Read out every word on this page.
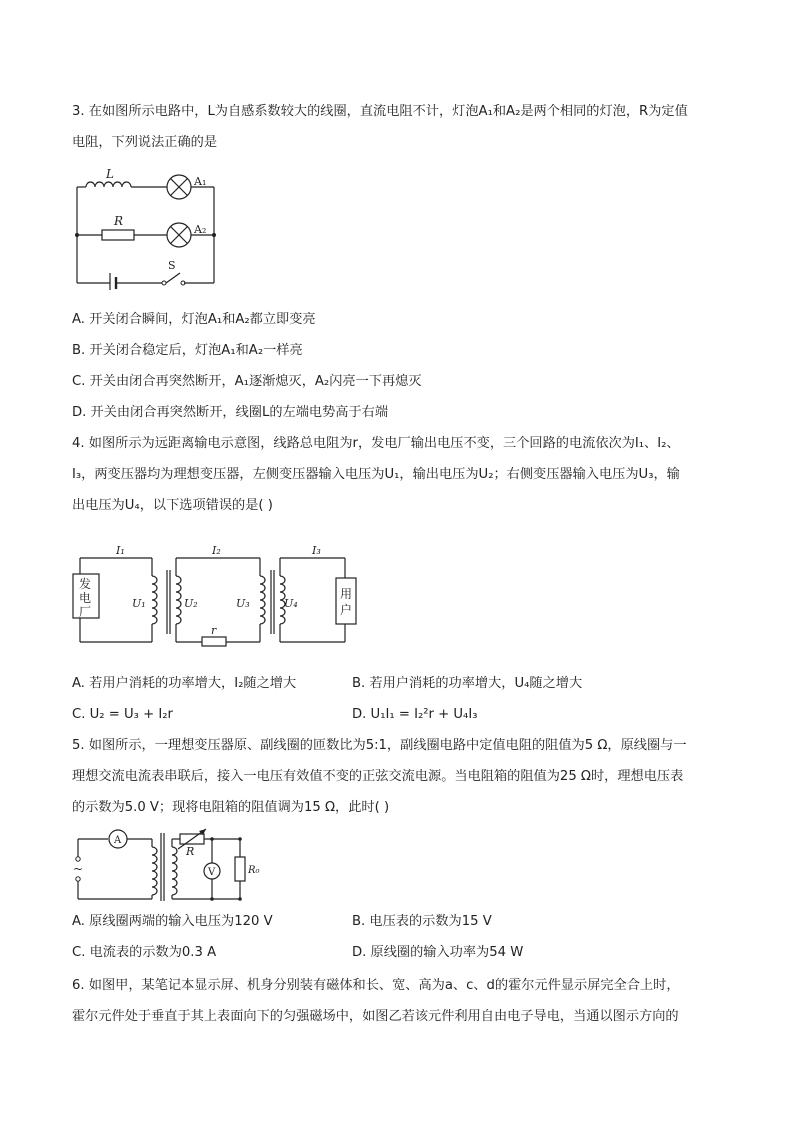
3. 在如图所示电路中，L为自感系数较大的线圈，直流电阻不计，灯泡A₁和A₂是两个相同的灯泡，R为定值
电阻，下列说法正确的是
L
R
A₁
A₂
S
A. 开关闭合瞬间，灯泡A₁和A₂都立即变亮
B. 开关闭合稳定后，灯泡A₁和A₂一样亮
C. 开关由闭合再突然断开，A₁逐渐熄灭，A₂闪亮一下再熄灭
D. 开关由闭合再突然断开，线圈L的左端电势高于右端
4. 如图所示为远距离输电示意图，线路总电阻为r，发电厂输出电压不变，三个回路的电流依次为I₁、I₂、
I₃，两变压器均为理想变压器，左侧变压器输入电压为U₁，输出电压为U₂；右侧变压器输入电压为U₃，输
出电压为U₄，以下选项错误的是( )
I₁	I₂	I₃
U₁	U₂	U₃	U₄
r
发
电
厂
用
户
A. 若用户消耗的功率增大，I₂随之增大	B. 若用户消耗的功率增大，U₄随之增大
C. U₂ = U₃ + I₂r	D. U₁I₁ = I₂²r + U₄I₃
5. 如图所示，一理想变压器原、副线圈的匝数比为5:1，副线圈电路中定值电阻的阻值为5 Ω，原线圈与一
理想交流电流表串联后，接入一电压有效值不变的正弦交流电源。当电阻箱的阻值为25 Ω时，理想电压表
的示数为5.0 V；现将电阻箱的阻值调为15 Ω，此时( )
A
V
R
R₀
~
A. 原线圈两端的输入电压为120 V	B. 电压表的示数为15 V
C. 电流表的示数为0.3 A	D. 原线圈的输入功率为54 W
6. 如图甲，某笔记本显示屏、机身分别装有磁体和长、宽、高为a、c、d的霍尔元件显示屏完全合上时，
霍尔元件处于垂直于其上表面向下的匀强磁场中，如图乙若该元件利用自由电子导电，当通以图示方向的
